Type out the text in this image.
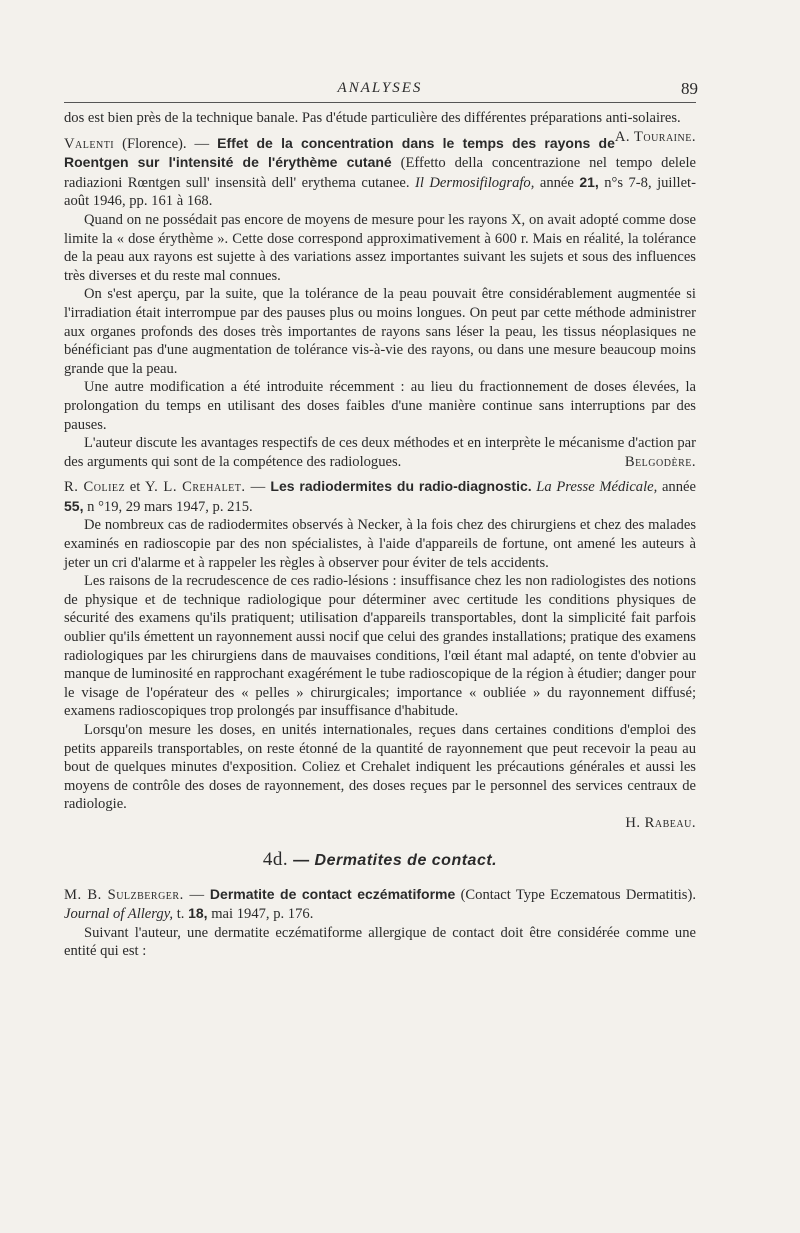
ANALYSES	89

dos est bien près de la technique banale. Pas d'étude particulière des différentes préparations anti-solaires.
A. Touraine.

Valenti (Florence). — Effet de la concentration dans le temps des rayons de Roentgen sur l'intensité de l'érythème cutané (Effetto della concentrazione nel tempo delele radiazioni Rœntgen sull' insensità dell' erythema cutanee. Il Dermosifilografo, année 21, n°s 7-8, juillet-août 1946, pp. 161 à 168.

Quand on ne possédait pas encore de moyens de mesure pour les rayons X, on avait adopté comme dose limite la « dose érythème ». Cette dose correspond approximativement à 600 r. Mais en réalité, la tolérance de la peau aux rayons est sujette à des variations assez importantes suivant les sujets et sous des influences très diverses et du reste mal connues.

On s'est aperçu, par la suite, que la tolérance de la peau pouvait être considérablement augmentée si l'irradiation était interrompue par des pauses plus ou moins longues. On peut par cette méthode administrer aux organes profonds des doses très importantes de rayons sans léser la peau, les tissus néoplasiques ne bénéficiant pas d'une augmentation de tolérance vis-à-vie des rayons, ou dans une mesure beaucoup moins grande que la peau.

Une autre modification a été introduite récemment : au lieu du fractionnement de doses élevées, la prolongation du temps en utilisant des doses faibles d'une manière continue sans interruptions par des pauses.

L'auteur discute les avantages respectifs de ces deux méthodes et en interprète le mécanisme d'action par des arguments qui sont de la compétence des radiologues.	Belgodère.

R. Coliez et Y. L. Crehalet. — Les radiodermites du radio-diagnostic. La Presse Médicale, année 55, n °19, 29 mars 1947, p. 215.

De nombreux cas de radiodermites observés à Necker, à la fois chez des chirurgiens et chez des malades examinés en radioscopie par des non spécialistes, à l'aide d'appareils de fortune, ont amené les auteurs à jeter un cri d'alarme et à rappeler les règles à observer pour éviter de tels accidents.

Les raisons de la recrudescence de ces radio-lésions : insuffisance chez les non radiologistes des notions de physique et de technique radiologique pour déterminer avec certitude les conditions physiques de sécurité des examens qu'ils pratiquent; utilisation d'appareils transportables, dont la simplicité fait parfois oublier qu'ils émettent un rayonnement aussi nocif que celui des grandes installations; pratique des examens radiologiques par les chirurgiens dans de mauvaises conditions, l'œil étant mal adapté, on tente d'obvier au manque de luminosité en rapprochant exagérément le tube radioscopique de la région à étudier; danger pour le visage de l'opérateur des « pelles » chirurgicales; importance « oubliée » du rayonnement diffusé; examens radioscopiques trop prolongés par insuffisance d'habitude.

Lorsqu'on mesure les doses, en unités internationales, reçues dans certaines conditions d'emploi des petits appareils transportables, on reste étonné de la quantité de rayonnement que peut recevoir la peau au bout de quelques minutes d'exposition. Coliez et Crehalet indiquent les précautions générales et aussi les moyens de contrôle des doses de rayonnement, des doses reçues par le personnel des services centraux de radiologie.

H. Rabeau.

4d. — Dermatites de contact.

M. B. Sulzberger. — Dermatite de contact eczématiforme (Contact Type Eczematous Dermatitis). Journal of Allergy, t. 18, mai 1947, p. 176.

Suivant l'auteur, une dermatite eczématiforme allergique de contact doit être considérée comme une entité qui est :
